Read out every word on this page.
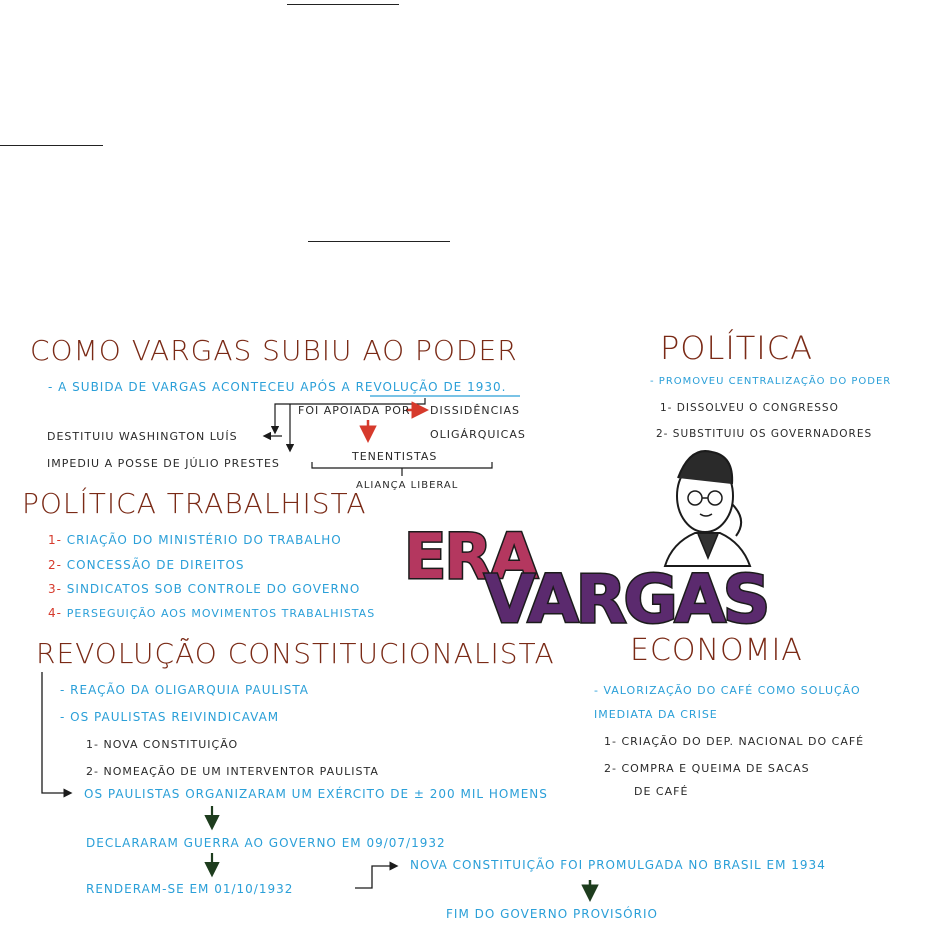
COMO VARGAS SUBIU AO PODER
- A SUBIDA DE VARGAS ACONTECEU APÓS A REVOLUÇÃO DE 1930.
FOI APOIADA POR DISSIDÊNCIAS
OLIGÁRQUICAS
DESTITUIU WASHINGTON LUÍS
IMPEDIU A POSSE DE JÚLIO PRESTES
TENENTISTAS
ALIANÇA LIBERAL
POLÍTICA
- PROMOVEU CENTRALIZAÇÃO DO PODER
1- DISSOLVEU O CONGRESSO
2- SUBSTITUIU OS GOVERNADORES
POLÍTICA TRABALHISTA
1- CRIAÇÃO DO MINISTÉRIO DO TRABALHO
2- CONCESSÃO DE DIREITOS
3- SINDICATOS SOB CONTROLE DO GOVERNO
4- PERSEGUIÇÃO AOS MOVIMENTOS TRABALHISTAS
ERA
VARGAS
REVOLUÇÃO CONSTITUCIONALISTA
- REAÇÃO DA OLIGARQUIA PAULISTA
- OS PAULISTAS REIVINDICAVAM
1- NOVA CONSTITUIÇÃO
2- NOMEAÇÃO DE UM INTERVENTOR PAULISTA
OS PAULISTAS ORGANIZARAM UM EXÉRCITO DE ± 200 MIL HOMENS
DECLARARAM GUERRA AO GOVERNO EM 09/07/1932
RENDERAM-SE EM 01/10/1932
NOVA CONSTITUIÇÃO FOI PROMULGADA NO BRASIL EM 1934
FIM DO GOVERNO PROVISÓRIO
ECONOMIA
- VALORIZAÇÃO DO CAFÉ COMO SOLUÇÃO
IMEDIATA DA CRISE
1- CRIAÇÃO DO DEP. NACIONAL DO CAFÉ
2- COMPRA E QUEIMA DE SACAS
DE CAFÉ
